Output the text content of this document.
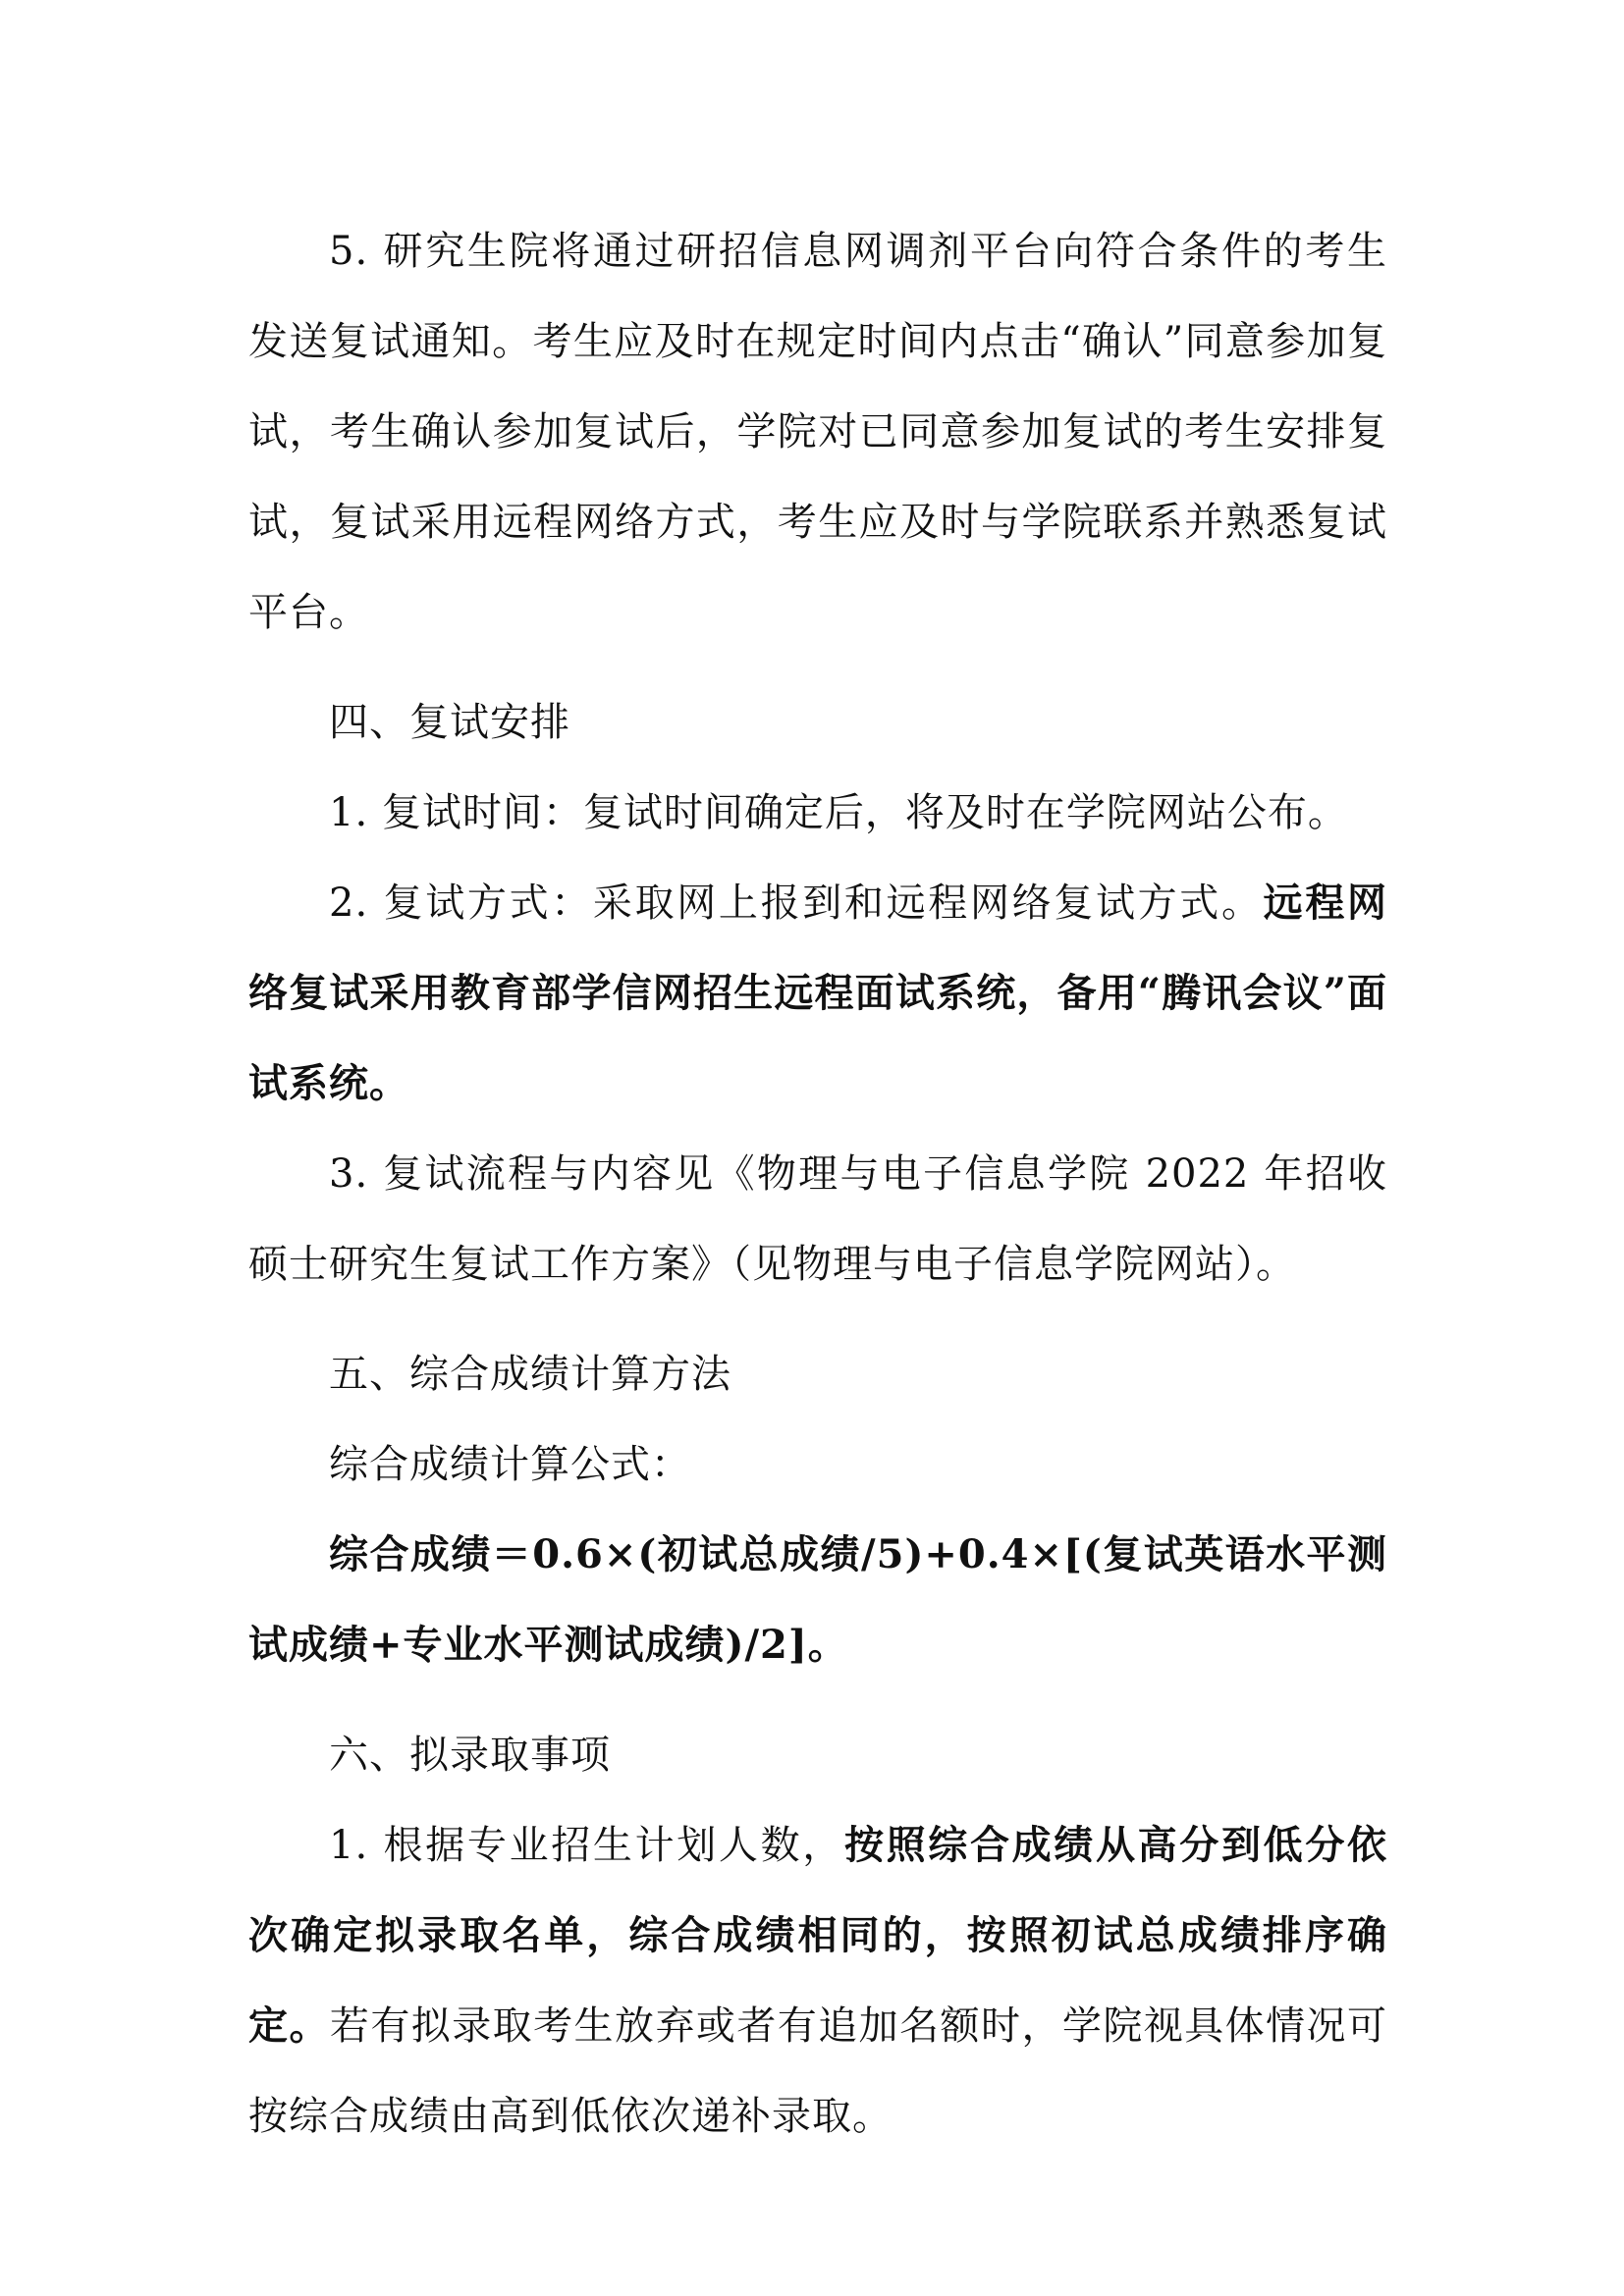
5. 研究生院将通过研招信息网调剂平台向符合条件的考生发送复试通知。考生应及时在规定时间内点击“确认”同意参加复试，考生确认参加复试后，学院对已同意参加复试的考生安排复试，复试采用远程网络方式，考生应及时与学院联系并熟悉复试平台。

四、复试安排

1. 复试时间：复试时间确定后，将及时在学院网站公布。

2. 复试方式：采取网上报到和远程网络复试方式。远程网络复试采用教育部学信网招生远程面试系统，备用“腾讯会议”面试系统。

3. 复试流程与内容见《物理与电子信息学院 2022 年招收硕士研究生复试工作方案》（见物理与电子信息学院网站）。

五、综合成绩计算方法

综合成绩计算公式：

综合成绩＝0.6×(初试总成绩/5)+0.4×[(复试英语水平测试成绩+专业水平测试成绩)/2]。

六、拟录取事项

1. 根据专业招生计划人数，按照综合成绩从高分到低分依次确定拟录取名单，综合成绩相同的，按照初试总成绩排序确定。若有拟录取考生放弃或者有追加名额时，学院视具体情况可按综合成绩由高到低依次递补录取。
